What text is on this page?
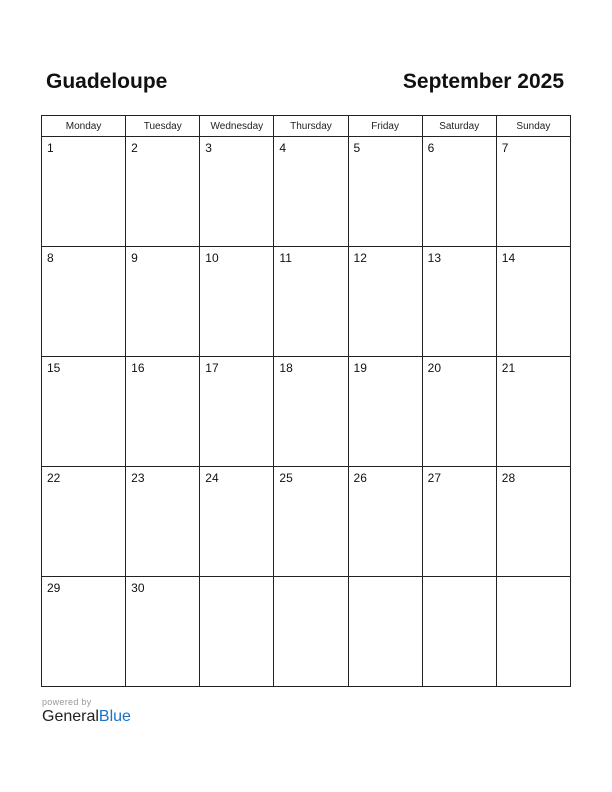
Guadeloupe	September 2025
Monday	Tuesday	Wednesday	Thursday	Friday	Saturday	Sunday

1	2	3	4	5	6	7

8	9	10	11	12	13	14

15	16	17	18	19	20	21

22	23	24	25	26	27	28

29	30					

powered by
GeneralBlue
